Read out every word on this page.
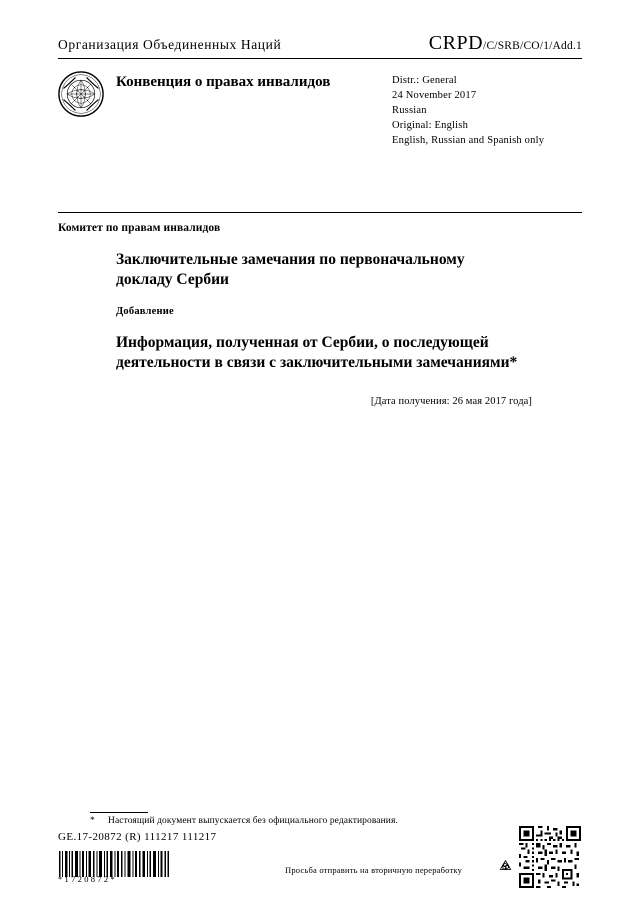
Организация Объединенных Наций	CRPD/C/SRB/CO/1/Add.1
Конвенция о правах инвалидов	Distr.: General
24 November 2017
Russian
Original: English
English, Russian and Spanish only
Комитет по правам инвалидов
Заключительные замечания по первоначальному докладу Сербии
Добавление
Информация, полученная от Сербии, о последующей деятельности в связи с заключительными замечаниями*
[Дата получения: 26 мая 2017 года]
* Настоящий документ выпускается без официального редактирования.
GE.17-20872 (R) 111217 111217
*1720872*
Просьба отправить на вторичную переработку
